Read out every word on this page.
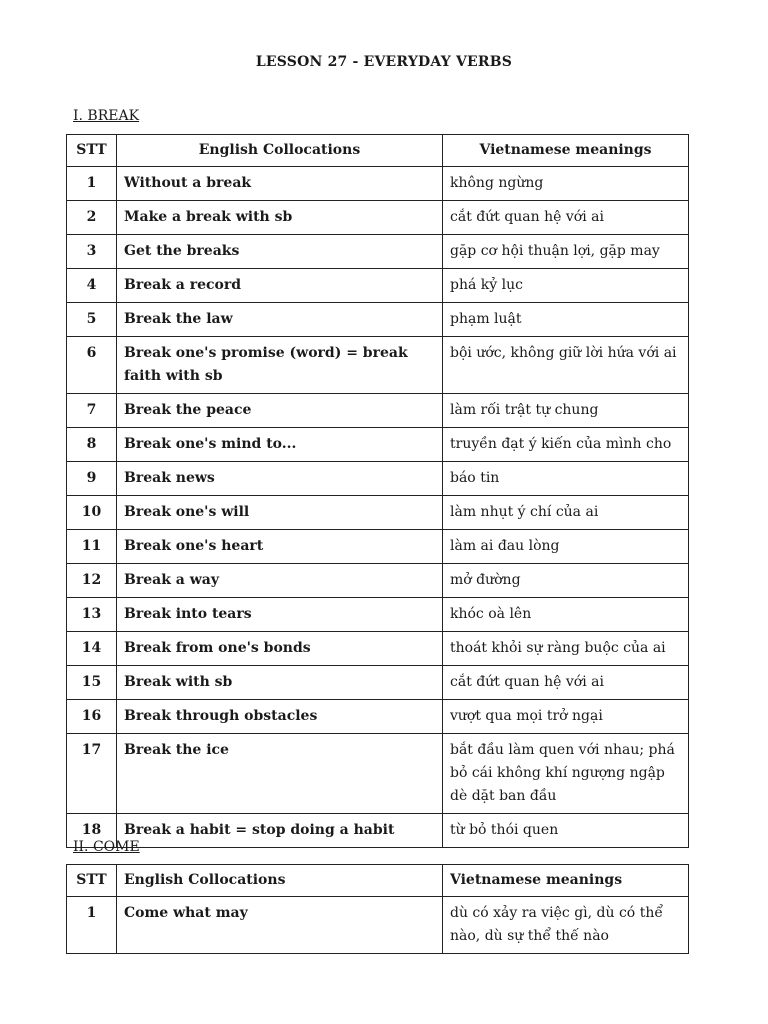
LESSON 27 - EVERYDAY VERBS
I. BREAK
STT	English Collocations	Vietnamese meanings
1	Without a break	không ngừng
2	Make a break with sb	cắt đứt quan hệ với ai
3	Get the breaks	gặp cơ hội thuận lợi, gặp may
4	Break a record	phá kỷ lục
5	Break the law	phạm luật
6	Break one's promise (word) = break faith with sb	bội ước, không giữ lời hứa với ai
7	Break the peace	làm rối trật tự chung
8	Break one's mind to...	truyền đạt ý kiến của mình cho
9	Break news	báo tin
10	Break one's will	làm nhụt ý chí của ai
11	Break one's heart	làm ai đau lòng
12	Break a way	mở đường
13	Break into tears	khóc oà lên
14	Break from one's bonds	thoát khỏi sự ràng buộc của ai
15	Break with sb	cắt đứt quan hệ với ai
16	Break through obstacles	vượt qua mọi trở ngại
17	Break the ice	bắt đầu làm quen với nhau; phá bỏ cái không khí ngượng ngập dè dặt ban đầu
18	Break a habit = stop doing a habit	từ bỏ thói quen
II. COME
STT	English Collocations	Vietnamese meanings
1	Come what may	dù có xảy ra việc gì, dù có thể nào, dù sự thể thế nào
